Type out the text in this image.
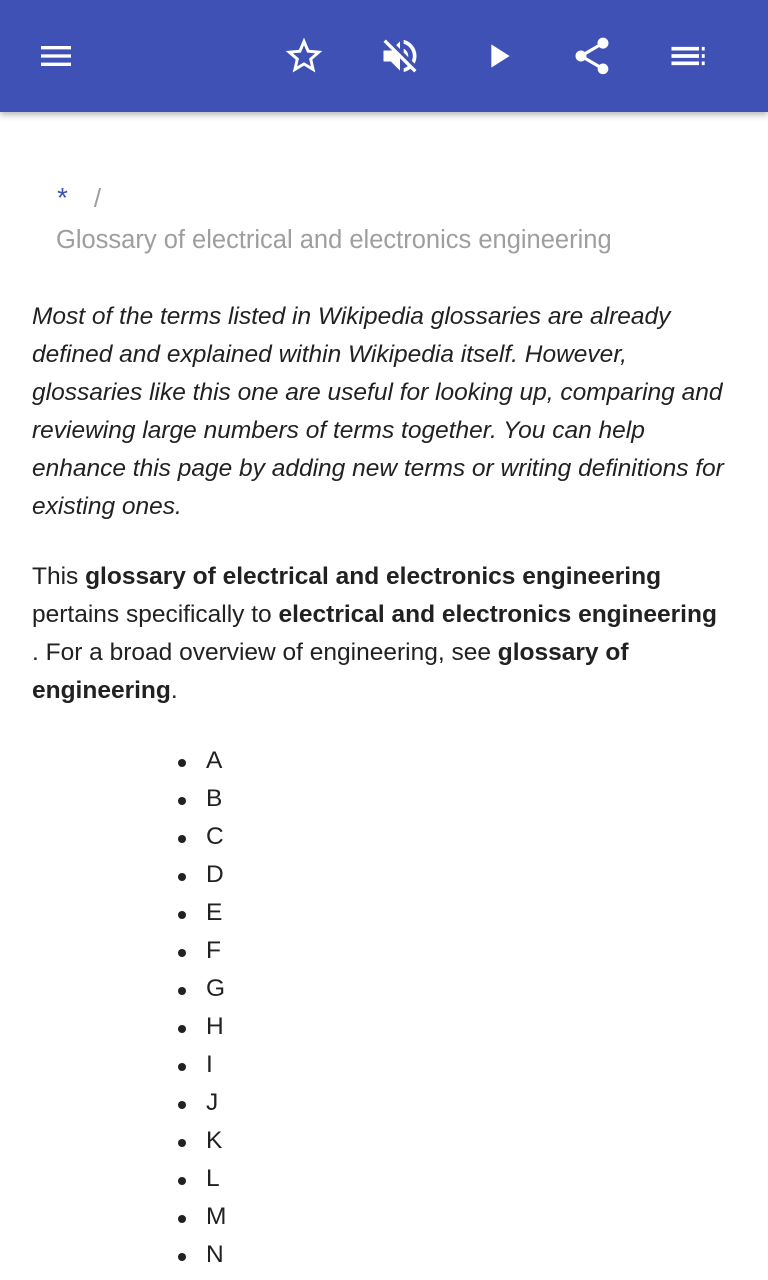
* /
Glossary of electrical and electronics engineering
Most of the terms listed in Wikipedia glossaries are already defined and explained within Wikipedia itself. However, glossaries like this one are useful for looking up, comparing and reviewing large numbers of terms together. You can help enhance this page by adding new terms or writing definitions for existing ones.
This glossary of electrical and electronics engineering pertains specifically to electrical and electronics engineering . For a broad overview of engineering, see glossary of engineering.
A
B
C
D
E
F
G
H
I
J
K
L
M
N
